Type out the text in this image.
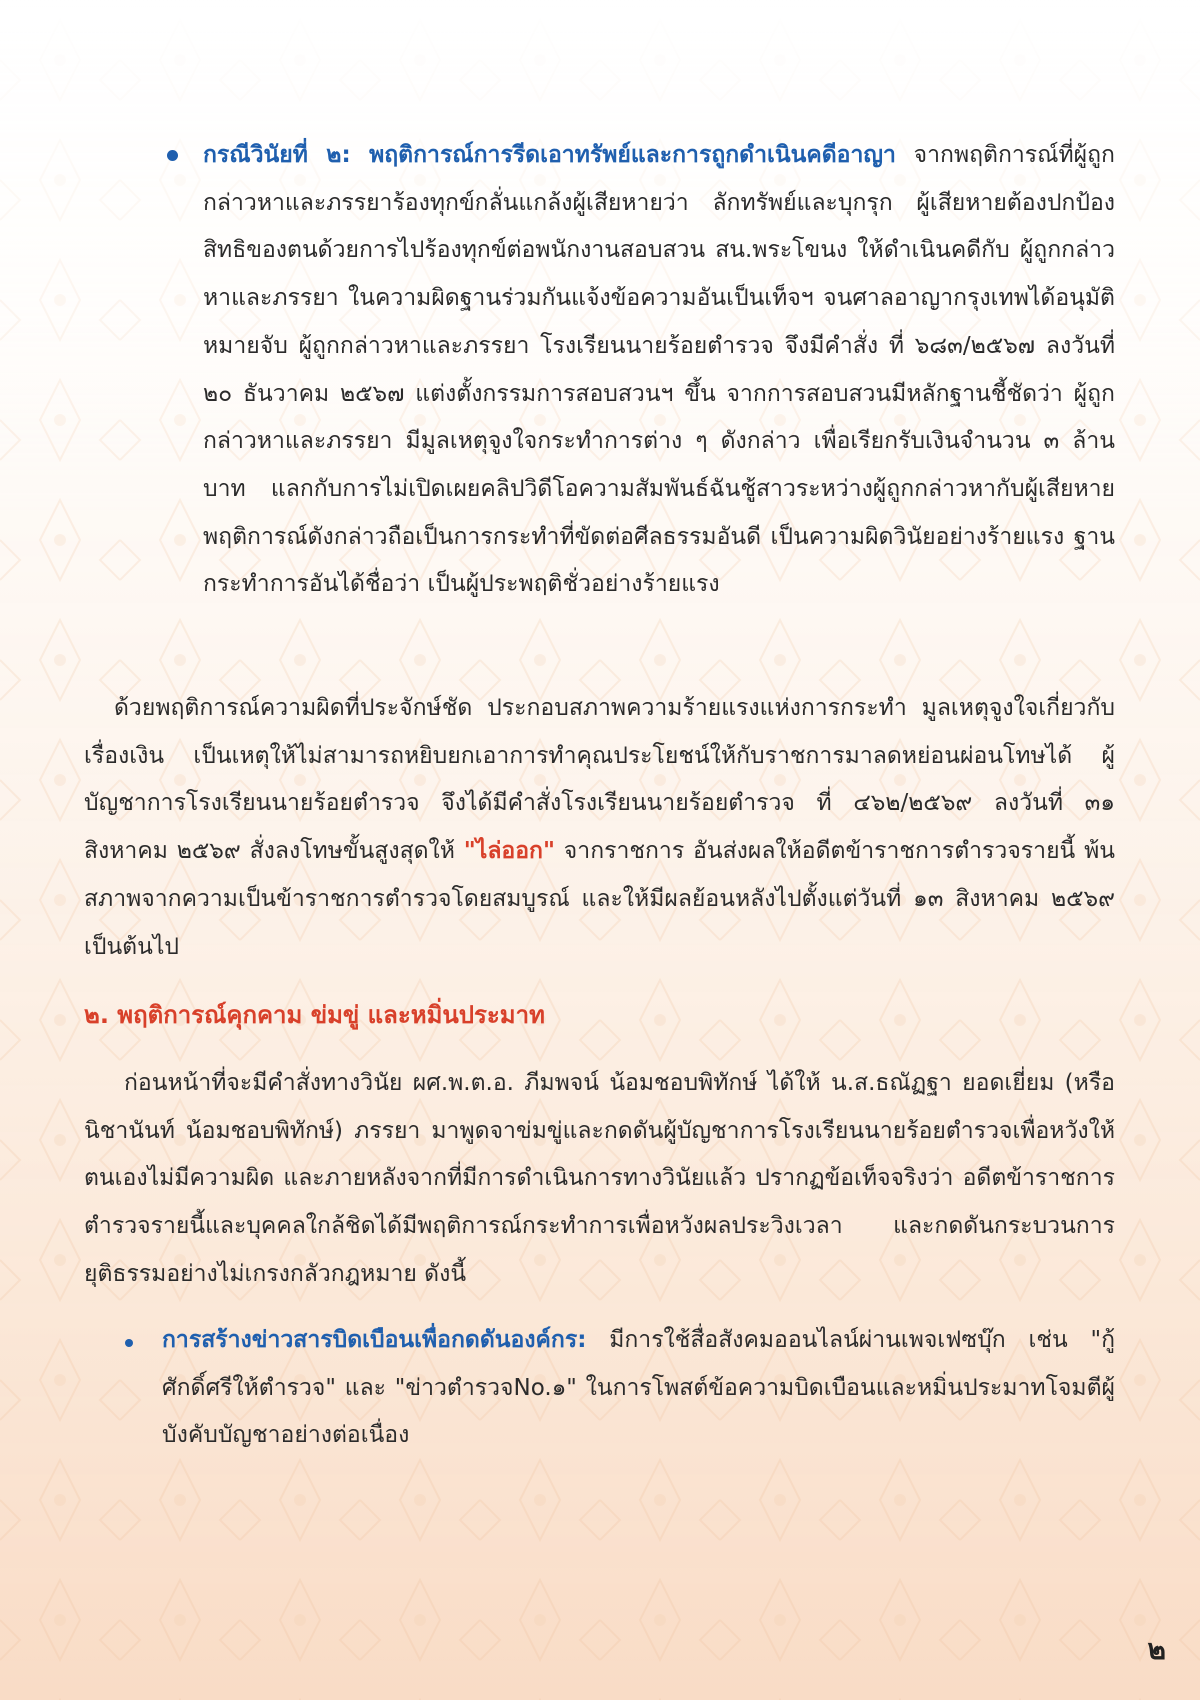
กรณีวินัยที่ ๒: พฤติการณ์การรีดเอาทรัพย์และการถูกดำเนินคดีอาญา จากพฤติการณ์ที่ผู้ถูกกล่าวหาและภรรยาร้องทุกข์กลั่นแกล้งผู้เสียหายว่า ลักทรัพย์และบุกรุก ผู้เสียหายต้องปกป้องสิทธิของตนด้วยการไปร้องทุกข์ต่อพนักงานสอบสวน สน.พระโขนง ให้ดำเนินคดีกับ ผู้ถูกกล่าวหาและภรรยา ในความผิดฐานร่วมกันแจ้งข้อความอันเป็นเท็จฯ จนศาลอาญากรุงเทพได้อนุมัติหมายจับ ผู้ถูกกล่าวหาและภรรยา โรงเรียนนายร้อยตำรวจ จึงมีคำสั่ง ที่ ๖๘๓/๒๕๖๗ ลงวันที่ ๒๐ ธันวาคม ๒๕๖๗ แต่งตั้งกรรมการสอบสวนฯ ขึ้น จากการสอบสวนมีหลักฐานชี้ชัดว่า ผู้ถูกกล่าวหาและภรรยา มีมูลเหตุจูงใจกระทำการต่าง ๆ ดังกล่าว เพื่อเรียกรับเงินจำนวน ๓ ล้านบาท แลกกับการไม่เปิดเผยคลิปวิดีโอความสัมพันธ์ฉันชู้สาวระหว่างผู้ถูกกล่าวหากับผู้เสียหาย พฤติการณ์ดังกล่าวถือเป็นการกระทำที่ขัดต่อศีลธรรมอันดี เป็นความผิดวินัยอย่างร้ายแรง ฐานกระทำการอันได้ชื่อว่า เป็นผู้ประพฤติชั่วอย่างร้ายแรง

ด้วยพฤติการณ์ความผิดที่ประจักษ์ชัด ประกอบสภาพความร้ายแรงแห่งการกระทำ มูลเหตุจูงใจเกี่ยวกับเรื่องเงิน เป็นเหตุให้ไม่สามารถหยิบยกเอาการทำคุณประโยชน์ให้กับราชการมาลดหย่อนผ่อนโทษได้ ผู้บัญชาการโรงเรียนนายร้อยตำรวจ จึงได้มีคำสั่งโรงเรียนนายร้อยตำรวจ ที่ ๔๖๒/๒๕๖๙ ลงวันที่ ๓๑ สิงหาคม ๒๕๖๙ สั่งลงโทษขั้นสูงสุดให้ "ไล่ออก" จากราชการ อันส่งผลให้อดีตข้าราชการตำรวจรายนี้ พ้นสภาพจากความเป็นข้าราชการตำรวจโดยสมบูรณ์ และให้มีผลย้อนหลังไปตั้งแต่วันที่ ๑๓ สิงหาคม ๒๕๖๙ เป็นต้นไป

๒. พฤติการณ์คุกคาม ข่มขู่ และหมิ่นประมาท

ก่อนหน้าที่จะมีคำสั่งทางวินัย ผศ.พ.ต.อ. ภีมพจน์ น้อมชอบพิทักษ์ ได้ให้ น.ส.ธณัฏฐา ยอดเยี่ยม (หรือ นิชานันท์ น้อมชอบพิทักษ์) ภรรยา มาพูดจาข่มขู่และกดดันผู้บัญชาการโรงเรียนนายร้อยตำรวจเพื่อหวังให้ตนเองไม่มีความผิด และภายหลังจากที่มีการดำเนินการทางวินัยแล้ว ปรากฏข้อเท็จจริงว่า อดีตข้าราชการตำรวจรายนี้และบุคคลใกล้ชิดได้มีพฤติการณ์กระทำการเพื่อหวังผลประวิงเวลา และกดดันกระบวนการยุติธรรมอย่างไม่เกรงกลัวกฎหมาย ดังนี้

การสร้างข่าวสารบิดเบือนเพื่อกดดันองค์กร: มีการใช้สื่อสังคมออนไลน์ผ่านเพจเฟซบุ๊ก เช่น "กู้ศักดิ์ศรีให้ตำรวจ" และ "ข่าวตำรวจNo.๑" ในการโพสต์ข้อความบิดเบือนและหมิ่นประมาทโจมตีผู้บังคับบัญชาอย่างต่อเนื่อง

๒
